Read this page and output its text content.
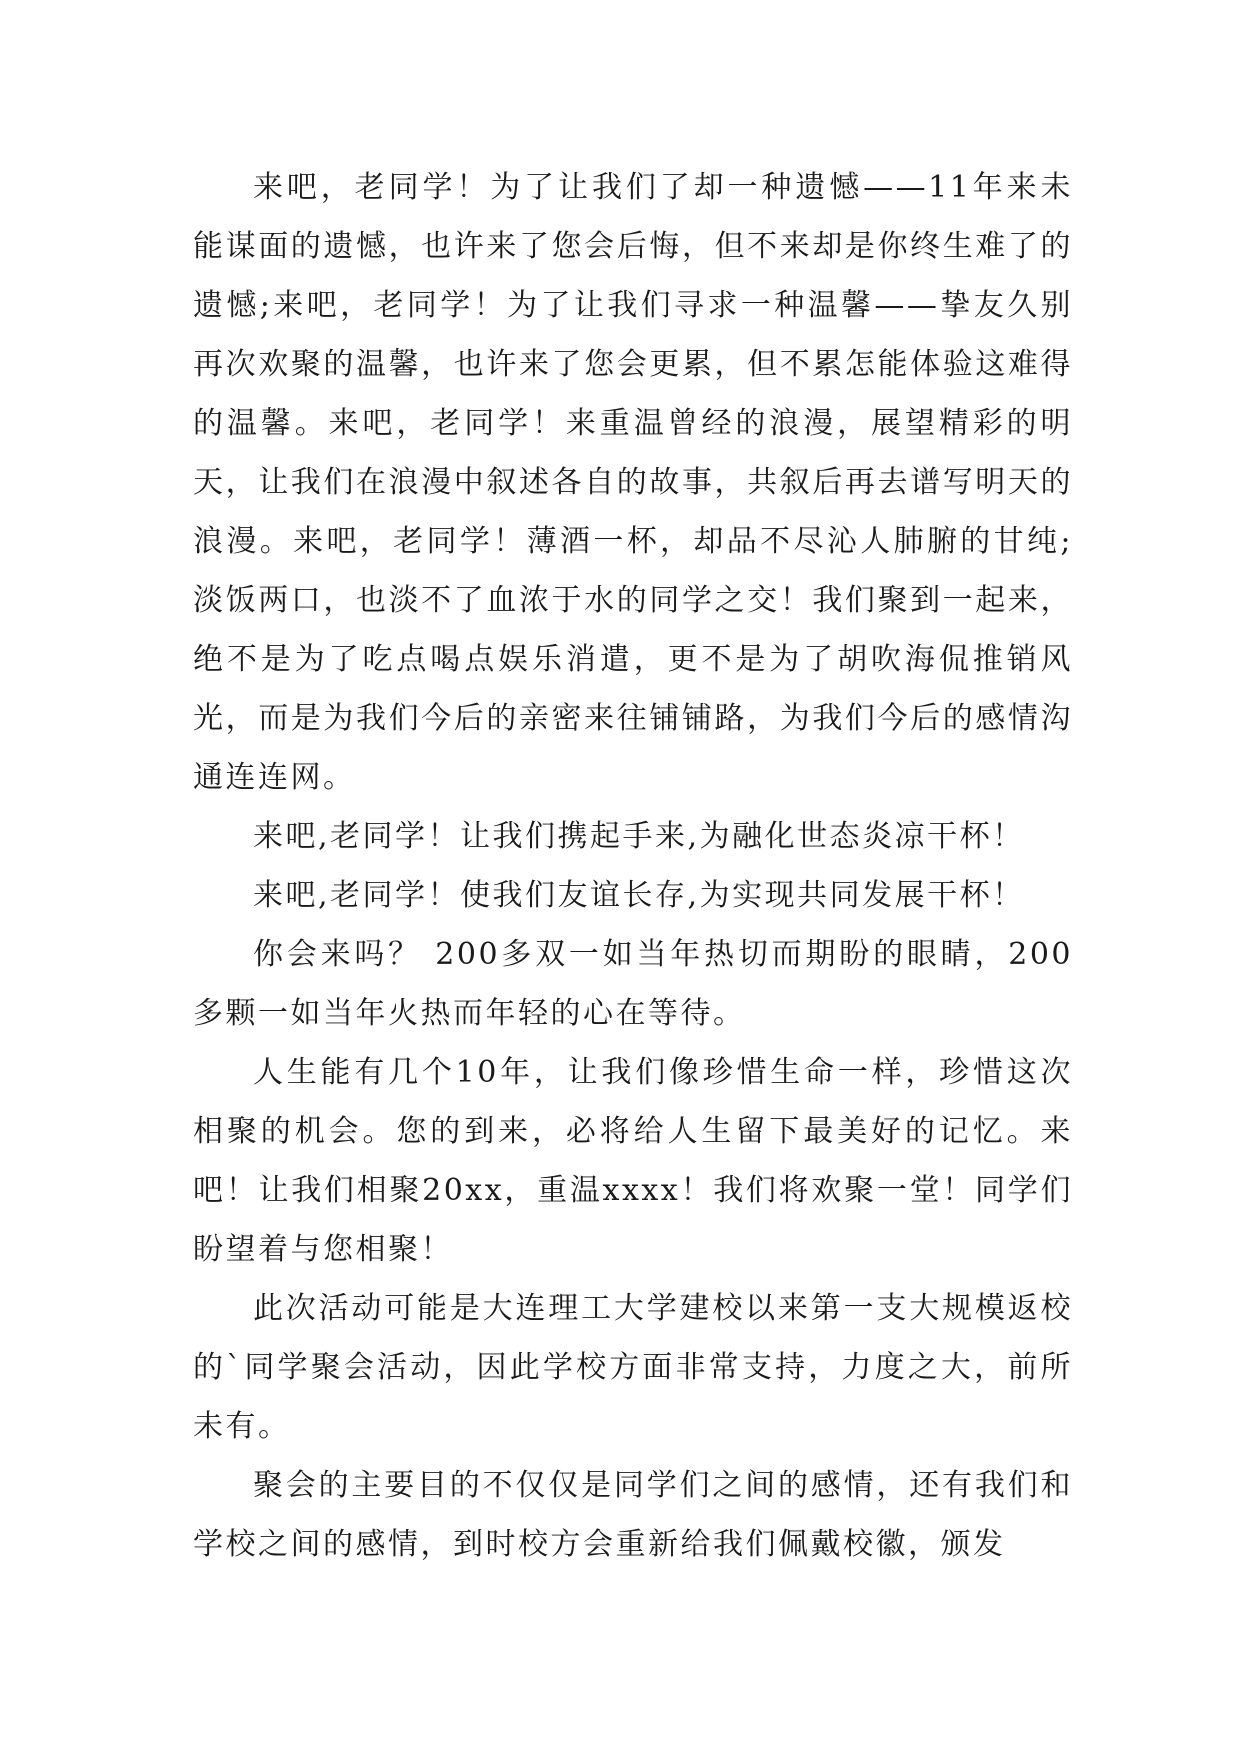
来吧，老同学！为了让我们了却一种遗憾——11年来未能谋面的遗憾，也许来了您会后悔，但不来却是你终生难了的遗憾;来吧，老同学！为了让我们寻求一种温馨——挚友久别再次欢聚的温馨，也许来了您会更累，但不累怎能体验这难得的温馨。来吧，老同学！来重温曾经的浪漫，展望精彩的明天，让我们在浪漫中叙述各自的故事，共叙后再去谱写明天的浪漫。来吧，老同学！薄酒一杯，却品不尽沁人肺腑的甘纯;淡饭两口，也淡不了血浓于水的同学之交！我们聚到一起来，绝不是为了吃点喝点娱乐消遣，更不是为了胡吹海侃推销风光，而是为我们今后的亲密来往铺铺路，为我们今后的感情沟通连连网。

来吧,老同学！让我们携起手来,为融化世态炎凉干杯！

来吧,老同学！使我们友谊长存,为实现共同发展干杯！

你会来吗？ 200多双一如当年热切而期盼的眼睛，200多颗一如当年火热而年轻的心在等待。

人生能有几个10年，让我们像珍惜生命一样，珍惜这次相聚的机会。您的到来，必将给人生留下最美好的记忆。来吧！让我们相聚20xx，重温xxxx！我们将欢聚一堂！同学们盼望着与您相聚！

此次活动可能是大连理工大学建校以来第一支大规模返校的`同学聚会活动，因此学校方面非常支持，力度之大，前所未有。

聚会的主要目的不仅仅是同学们之间的感情，还有我们和学校之间的感情，到时校方会重新给我们佩戴校徽，颁发
